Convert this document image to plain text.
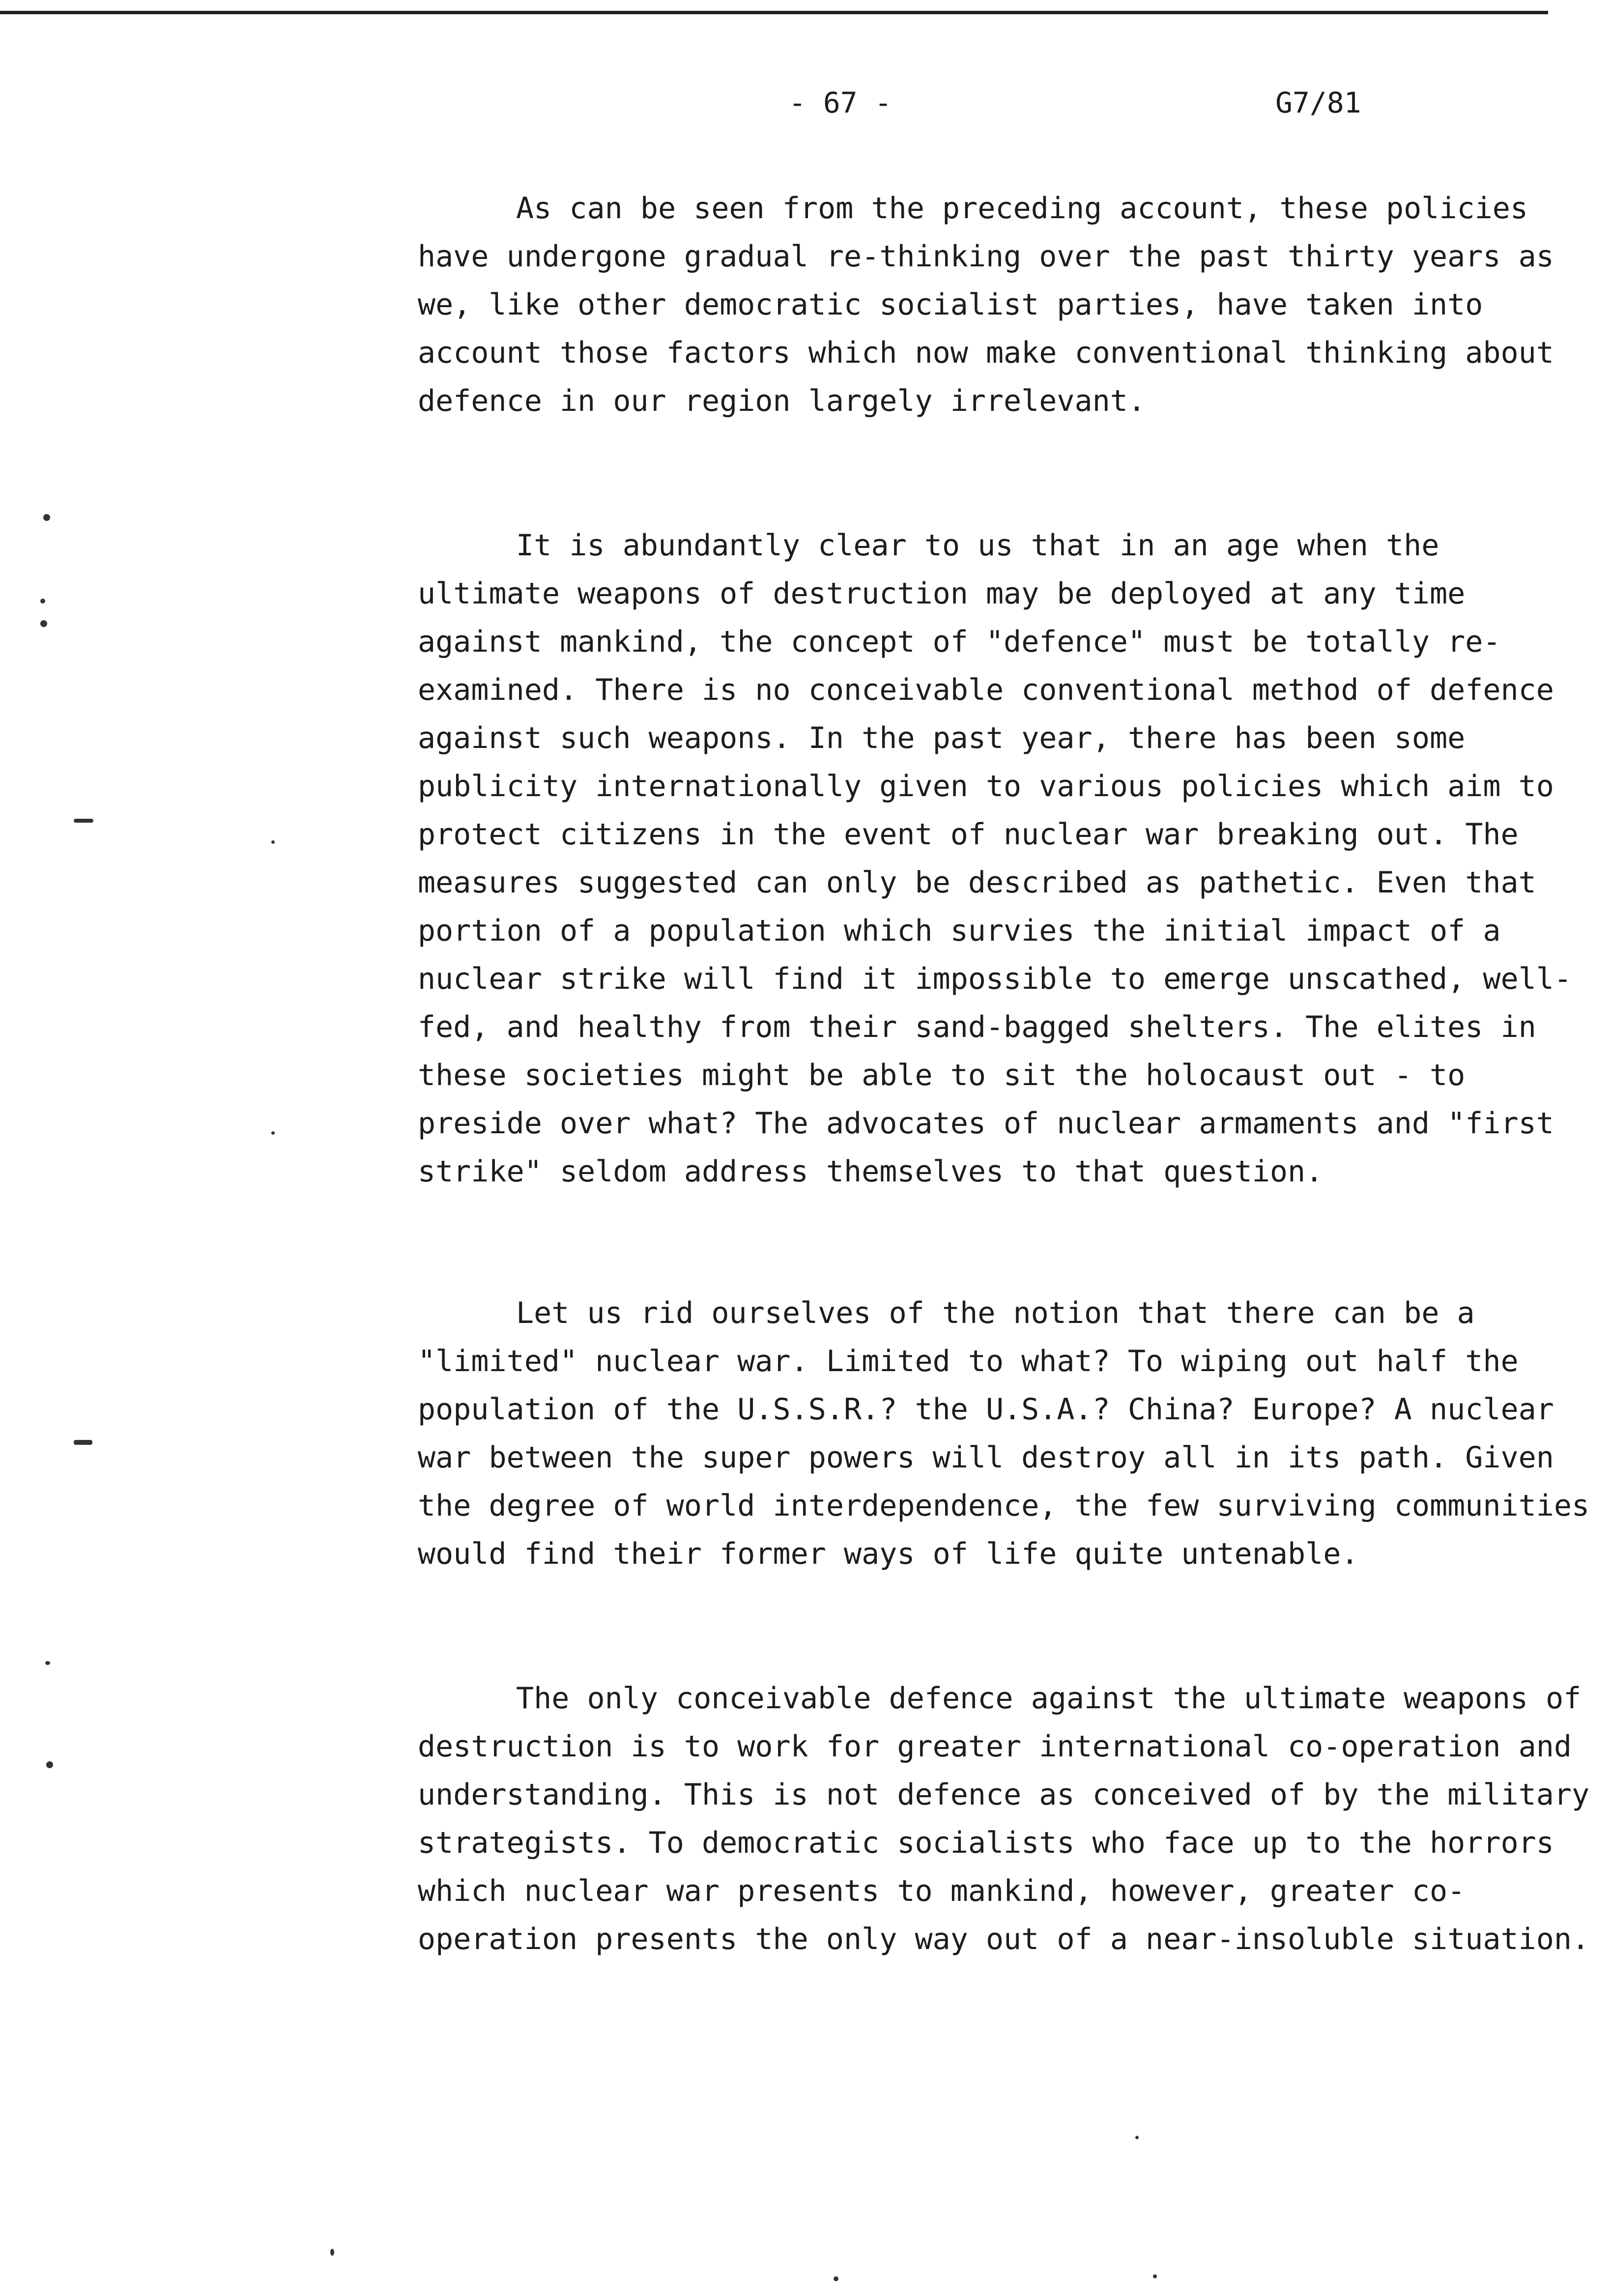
- 67 -	G7/81

As can be seen from the preceding account, these policies have undergone gradual re-thinking over the past thirty years as we, like other democratic socialist parties, have taken into account those factors which now make conventional thinking about defence in our region largely irrelevant.

It is abundantly clear to us that in an age when the ultimate weapons of destruction may be deployed at any time against mankind, the concept of "defence" must be totally re-examined. There is no conceivable conventional method of defence against such weapons. In the past year, there has been some publicity internationally given to various policies which aim to protect citizens in the event of nuclear war breaking out. The measures suggested can only be described as pathetic. Even that portion of a population which survies the initial impact of a nuclear strike will find it impossible to emerge unscathed, well-fed, and healthy from their sand-bagged shelters. The elites in these societies might be able to sit the holocaust out - to preside over what? The advocates of nuclear armaments and "first strike" seldom address themselves to that question.

Let us rid ourselves of the notion that there can be a "limited" nuclear war. Limited to what? To wiping out half the population of the U.S.S.R.? the U.S.A.? China? Europe? A nuclear war between the super powers will destroy all in its path. Given the degree of world interdependence, the few surviving communities would find their former ways of life quite untenable.

The only conceivable defence against the ultimate weapons of destruction is to work for greater international co-operation and understanding. This is not defence as conceived of by the military strategists. To democratic socialists who face up to the horrors which nuclear war presents to mankind, however, greater co-operation presents the only way out of a near-insoluble situation.
